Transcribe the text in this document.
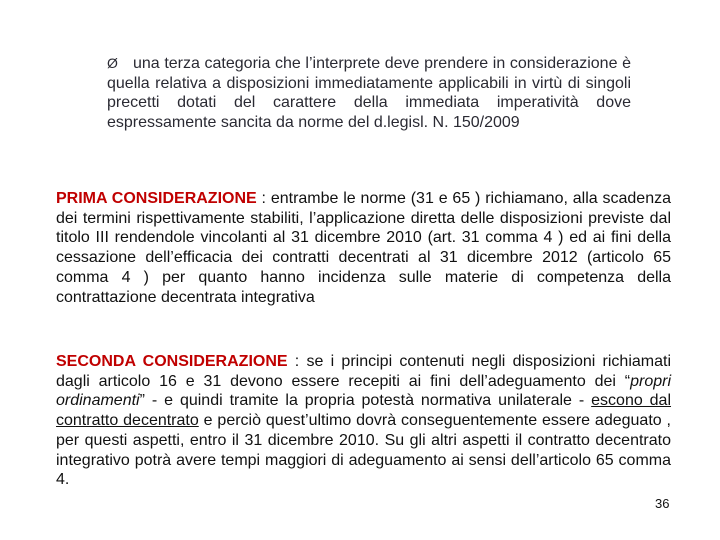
Ø una terza categoria che l’interprete deve prendere in considerazione è quella relativa a disposizioni immediatamente applicabili in virtù di singoli precetti dotati del carattere della immediata imperatività dove espressamente sancita da norme del d.legisl. N. 150/2009

PRIMA CONSIDERAZIONE : entrambe le norme (31 e 65 ) richiamano, alla scadenza dei termini rispettivamente stabiliti, l’applicazione diretta delle disposizioni previste dal titolo III rendendole vincolanti al 31 dicembre 2010 (art. 31 comma 4 ) ed ai fini della cessazione dell’efficacia dei contratti decentrati al 31 dicembre 2012 (articolo 65 comma 4 ) per quanto hanno incidenza sulle materie di competenza della contrattazione decentrata integrativa

SECONDA CONSIDERAZIONE : se i principi contenuti negli disposizioni richiamati dagli articolo 16 e 31 devono essere recepiti ai fini dell’adeguamento dei “propri ordinamenti” - e quindi tramite la propria potestà normativa unilaterale - escono dal contratto decentrato e perciò quest’ultimo dovrà conseguentemente essere adeguato , per questi aspetti, entro il 31 dicembre 2010. Su gli altri aspetti il contratto decentrato integrativo potrà avere tempi maggiori di adeguamento ai sensi dell’articolo 65 comma 4.

36
